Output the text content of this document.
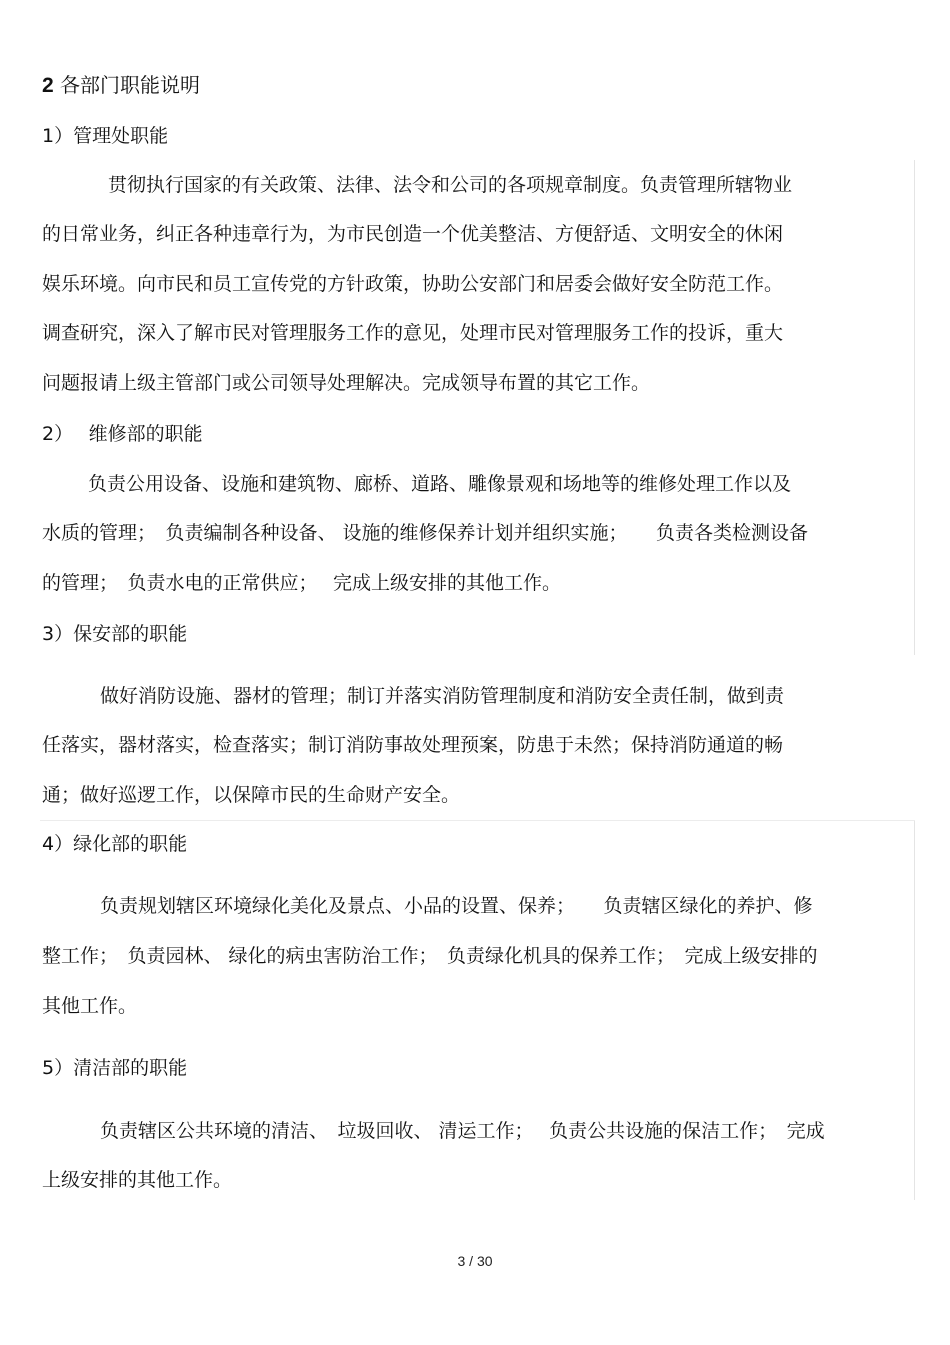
2 各部门职能说明
1）管理处职能
贯彻执行国家的有关政策、法律、法令和公司的各项规章制度。负责管理所辖物业
的日常业务，纠正各种违章行为，为市民创造一个优美整洁、方便舒适、文明安全的休闲
娱乐环境。向市民和员工宣传党的方针政策，协助公安部门和居委会做好安全防范工作。
调查研究，深入了解市民对管理服务工作的意见，处理市民对管理服务工作的投诉，重大
问题报请上级主管部门或公司领导处理解决。完成领导布置的其它工作。
2）　 维修部的职能
负责公用设备、设施和建筑物、廊桥、道路、雕像景观和场地等的维修处理工作以及
水质的管理；　负责编制各种设备、 设施的维修保养计划并组织实施；　　负责各类检测设备
的管理；　负责水电的正常供应；　 完成上级安排的其他工作。
3）保安部的职能
做好消防设施、器材的管理；制订并落实消防管理制度和消防安全责任制，做到责
任落实，器材落实，检查落实；制订消防事故处理预案，防患于未然；保持消防通道的畅
通；做好巡逻工作，以保障市民的生命财产安全。
4）绿化部的职能
负责规划辖区环境绿化美化及景点、小品的设置、保养；　　负责辖区绿化的养护、修
整工作；　负责园林、 绿化的病虫害防治工作；　负责绿化机具的保养工作；　完成上级安排的
其他工作。
5）清洁部的职能
负责辖区公共环境的清洁、　垃圾回收、 清运工作；　 负责公共设施的保洁工作；　完成
上级安排的其他工作。
3 / 30
